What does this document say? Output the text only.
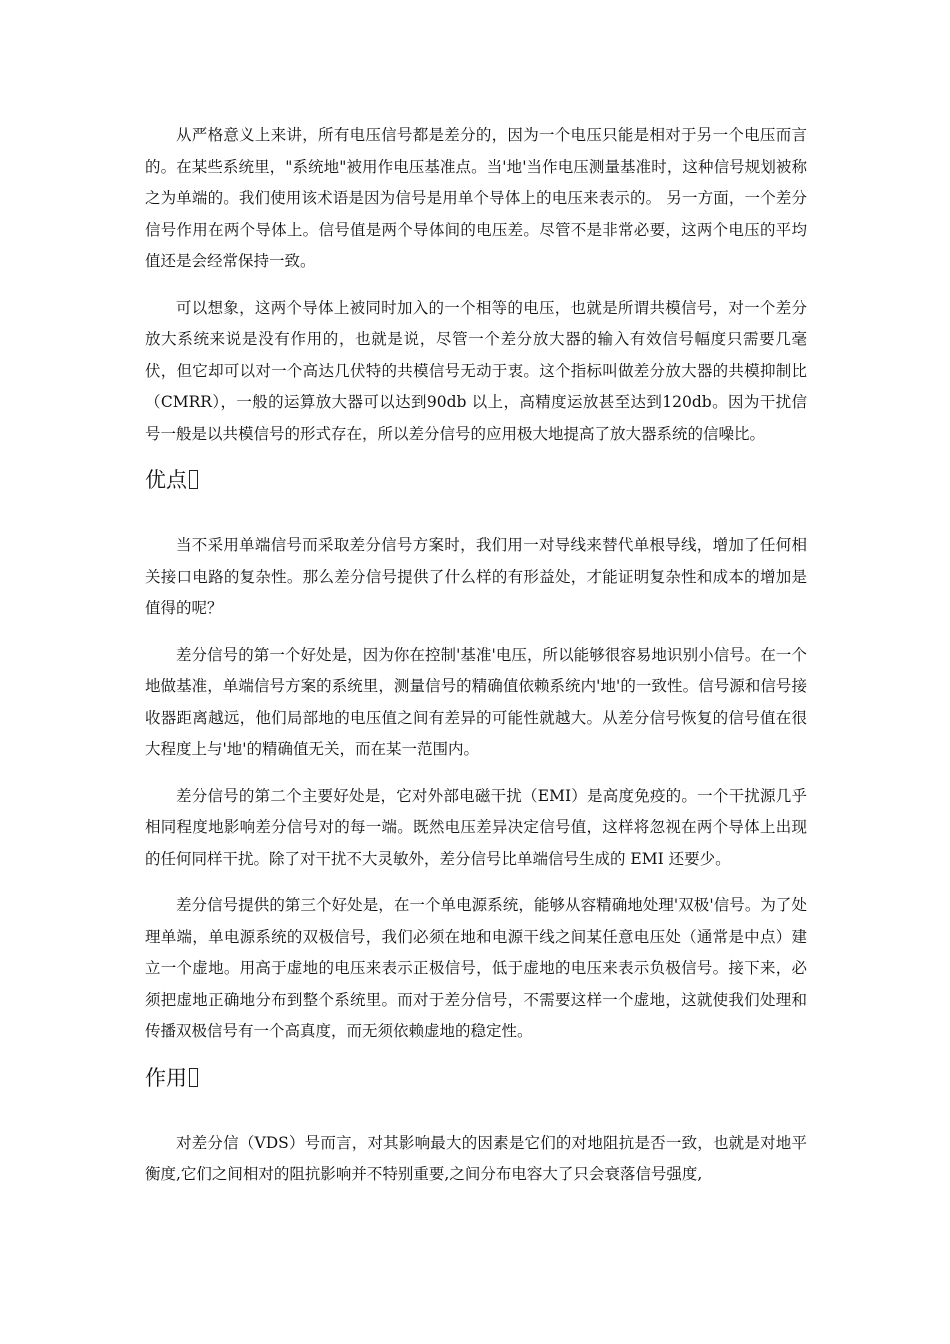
从严格意义上来讲，所有电压信号都是差分的，因为一个电压只能是相对于另一个电压而言的。在某些系统里，"系统地"被用作电压基准点。当'地'当作电压测量基准时，这种信号规划被称之为单端的。我们使用该术语是因为信号是用单个导体上的电压来表示的。 另一方面，一个差分信号作用在两个导体上。信号值是两个导体间的电压差。尽管不是非常必要，这两个电压的平均值还是会经常保持一致。

可以想象，这两个导体上被同时加入的一个相等的电压，也就是所谓共模信号，对一个差分放大系统来说是没有作用的，也就是说，尽管一个差分放大器的输入有效信号幅度只需要几毫伏，但它却可以对一个高达几伏特的共模信号无动于衷。这个指标叫做差分放大器的共模抑制比（CMRR），一般的运算放大器可以达到90db 以上，高精度运放甚至达到120db。因为干扰信号一般是以共模信号的形式存在，所以差分信号的应用极大地提高了放大器系统的信噪比。

优点

当不采用单端信号而采取差分信号方案时，我们用一对导线来替代单根导线，增加了任何相关接口电路的复杂性。那么差分信号提供了什么样的有形益处，才能证明复杂性和成本的增加是值得的呢？

差分信号的第一个好处是，因为你在控制'基准'电压，所以能够很容易地识别小信号。在一个地做基准，单端信号方案的系统里，测量信号的精确值依赖系统内'地'的一致性。信号源和信号接收器距离越远，他们局部地的电压值之间有差异的可能性就越大。从差分信号恢复的信号值在很大程度上与'地'的精确值无关，而在某一范围内。

差分信号的第二个主要好处是，它对外部电磁干扰（EMI）是高度免疫的。一个干扰源几乎相同程度地影响差分信号对的每一端。既然电压差异决定信号值，这样将忽视在两个导体上出现的任何同样干扰。除了对干扰不大灵敏外，差分信号比单端信号生成的 EMI 还要少。

差分信号提供的第三个好处是，在一个单电源系统，能够从容精确地处理'双极'信号。为了处理单端，单电源系统的双极信号，我们必须在地和电源干线之间某任意电压处（通常是中点）建立一个虚地。用高于虚地的电压来表示正极信号，低于虚地的电压来表示负极信号。接下来，必须把虚地正确地分布到整个系统里。而对于差分信号，不需要这样一个虚地，这就使我们处理和传播双极信号有一个高真度，而无须依赖虚地的稳定性。

作用

对差分信（VDS）号而言，对其影响最大的因素是它们的对地阻抗是否一致，也就是对地平衡度,它们之间相对的阻抗影响并不特别重要,之间分布电容大了只会衰落信号强度,
